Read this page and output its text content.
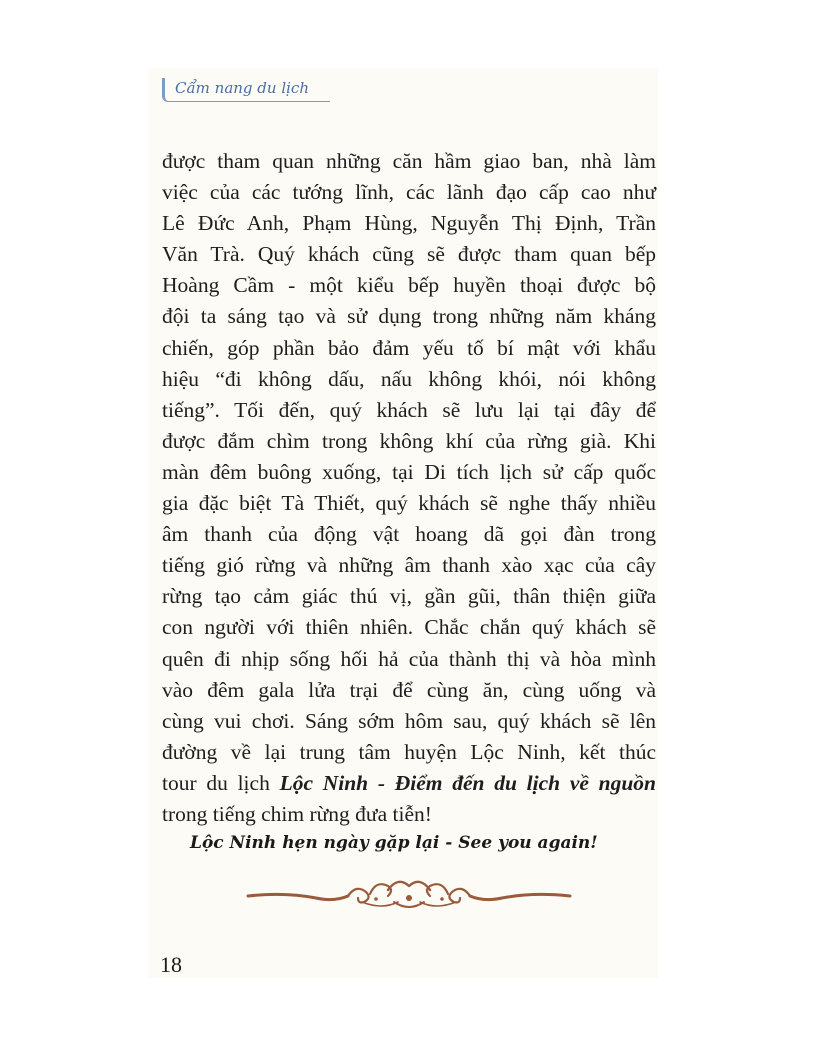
Cẩm nang du lịch
được tham quan những căn hầm giao ban, nhà làm
việc của các tướng lĩnh, các lãnh đạo cấp cao như
Lê Đức Anh, Phạm Hùng, Nguyễn Thị Định, Trần
Văn Trà. Quý khách cũng sẽ được tham quan bếp
Hoàng Cầm - một kiểu bếp huyền thoại được bộ
đội ta sáng tạo và sử dụng trong những năm kháng
chiến, góp phần bảo đảm yếu tố bí mật với khẩu
hiệu “đi không dấu, nấu không khói, nói không
tiếng”. Tối đến, quý khách sẽ lưu lại tại đây để
được đắm chìm trong không khí của rừng già. Khi
màn đêm buông xuống, tại Di tích lịch sử cấp quốc
gia đặc biệt Tà Thiết, quý khách sẽ nghe thấy nhiều
âm thanh của động vật hoang dã gọi đàn trong
tiếng gió rừng và những âm thanh xào xạc của cây
rừng tạo cảm giác thú vị, gần gũi, thân thiện giữa
con người với thiên nhiên. Chắc chắn quý khách sẽ
quên đi nhịp sống hối hả của thành thị và hòa mình
vào đêm gala lửa trại để cùng ăn, cùng uống và
cùng vui chơi. Sáng sớm hôm sau, quý khách sẽ lên
đường về lại trung tâm huyện Lộc Ninh, kết thúc
tour du lịch Lộc Ninh - Điểm đến du lịch về nguồn
trong tiếng chim rừng đưa tiễn!
Lộc Ninh hẹn ngày gặp lại - See you again!
18
